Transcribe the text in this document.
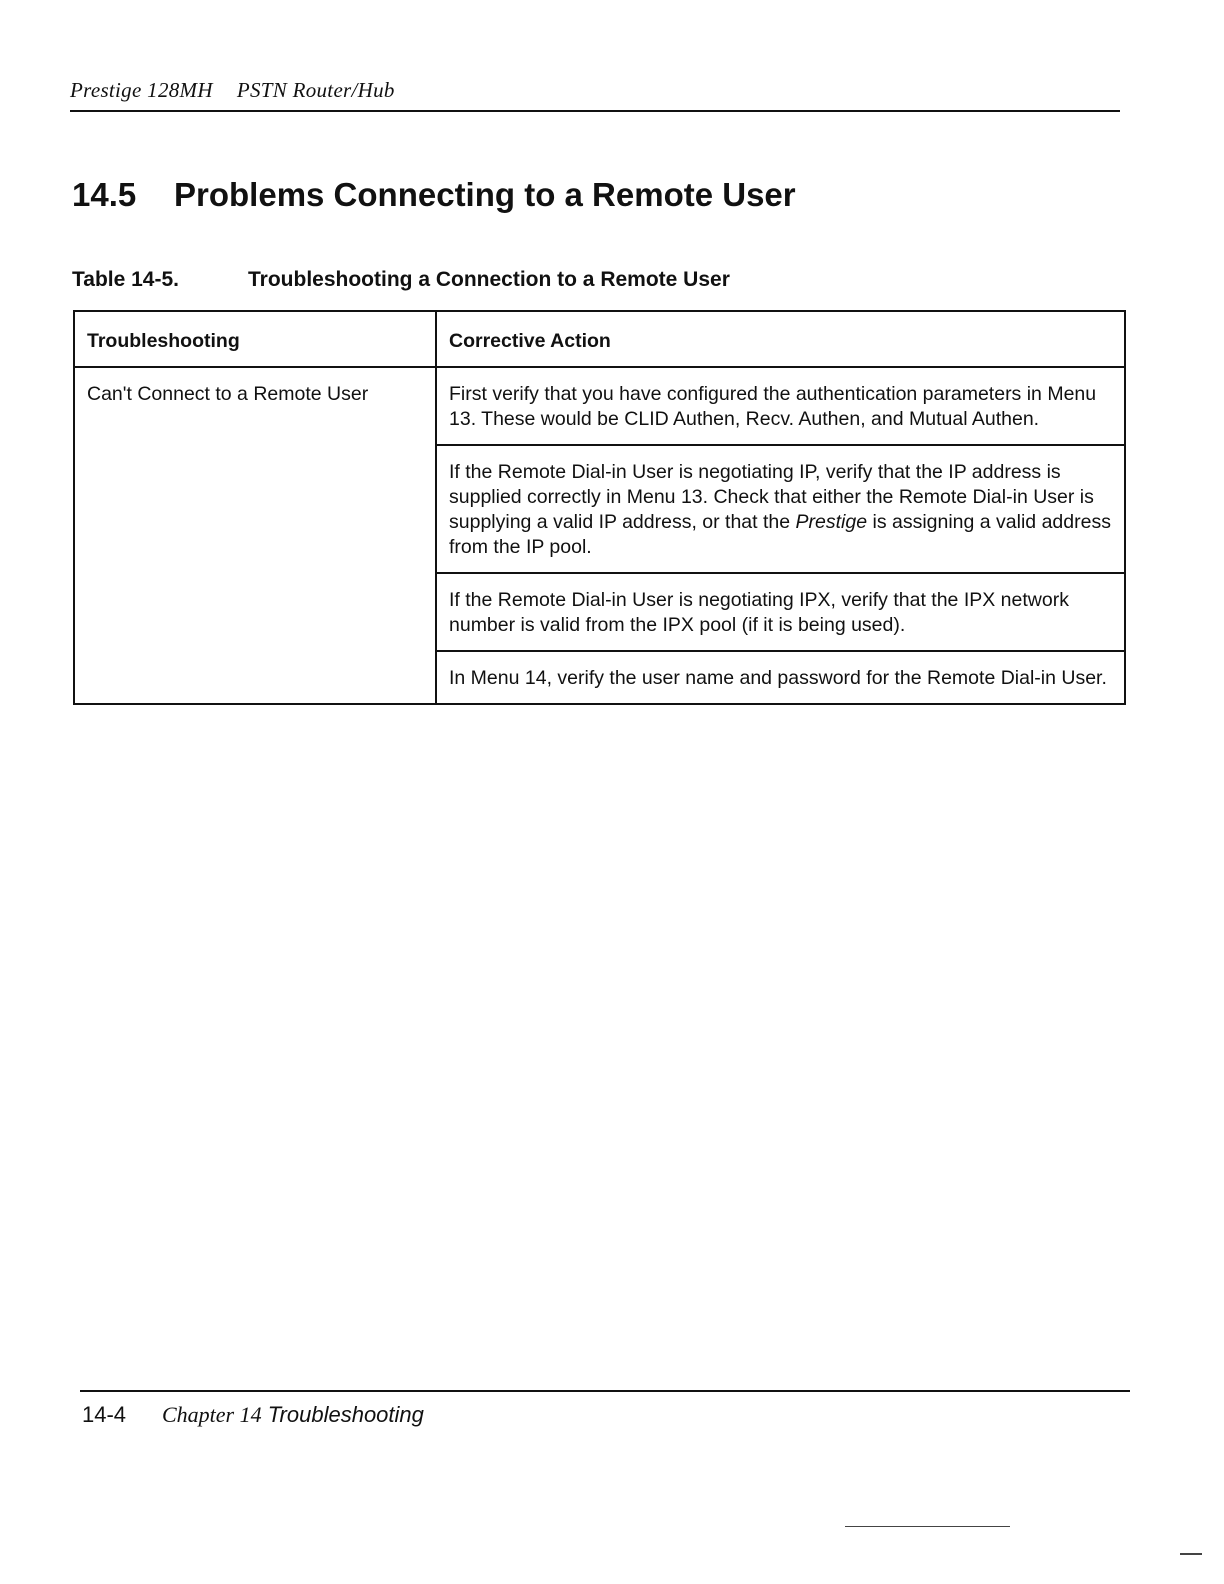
Prestige 128MH PSTN Router/Hub
14.5 Problems Connecting to a Remote User
Table 14-5.	Troubleshooting a Connection to a Remote User
Troubleshooting	Corrective Action
Can't Connect to a Remote User	First verify that you have configured the authentication parameters in Menu 13. These would be CLID Authen, Recv. Authen, and Mutual Authen.
	If the Remote Dial-in User is negotiating IP, verify that the IP address is supplied correctly in Menu 13. Check that either the Remote Dial-in User is supplying a valid IP address, or that the Prestige is assigning a valid address from the IP pool.
	If the Remote Dial-in User is negotiating IPX, verify that the IPX network number is valid from the IPX pool (if it is being used).
	In Menu 14, verify the user name and password for the Remote Dial-in User.
14-4 Chapter 14 Troubleshooting
